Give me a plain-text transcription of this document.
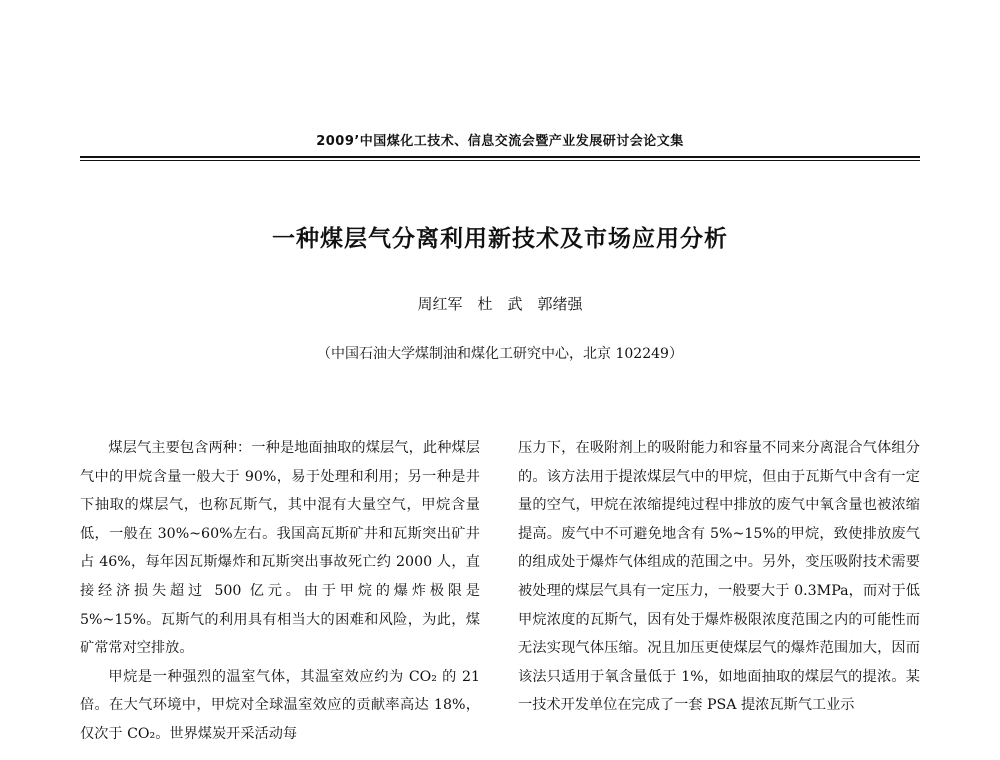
2009’中国煤化工技术、信息交流会暨产业发展研讨会论文集
一种煤层气分离利用新技术及市场应用分析
周红军　杜　武　郭绪强
（中国石油大学煤制油和煤化工研究中心，北京 102249）

煤层气主要包含两种：一种是地面抽取的煤层气，此种煤层气中的甲烷含量一般大于 90%，易于处理和利用；另一种是井下抽取的煤层气，也称瓦斯气，其中混有大量空气，甲烷含量低，一般在 30%~60%左右。我国高瓦斯矿井和瓦斯突出矿井占 46%，每年因瓦斯爆炸和瓦斯突出事故死亡约 2000 人，直接经济损失超过 500 亿元。由于甲烷的爆炸极限是 5%~15%。瓦斯气的利用具有相当大的困难和风险，为此，煤矿常常对空排放。

甲烷是一种强烈的温室气体，其温室效应约为 CO₂ 的 21 倍。在大气环境中，甲烷对全球温室效应的贡献率高达 18%，仅次于 CO₂。世界煤炭开采活动每

压力下，在吸附剂上的吸附能力和容量不同来分离混合气体组分的。该方法用于提浓煤层气中的甲烷，但由于瓦斯气中含有一定量的空气，甲烷在浓缩提纯过程中排放的废气中氧含量也被浓缩提高。废气中不可避免地含有 5%~15%的甲烷，致使排放废气的组成处于爆炸气体组成的范围之中。另外，变压吸附技术需要被处理的煤层气具有一定压力，一般要大于 0.3MPa，而对于低甲烷浓度的瓦斯气，因有处于爆炸极限浓度范围之内的可能性而无法实现气体压缩。况且加压更使煤层气的爆炸范围加大，因而该法只适用于氧含量低于 1%，如地面抽取的煤层气的提浓。某一技术开发单位在完成了一套 PSA 提浓瓦斯气工业示
